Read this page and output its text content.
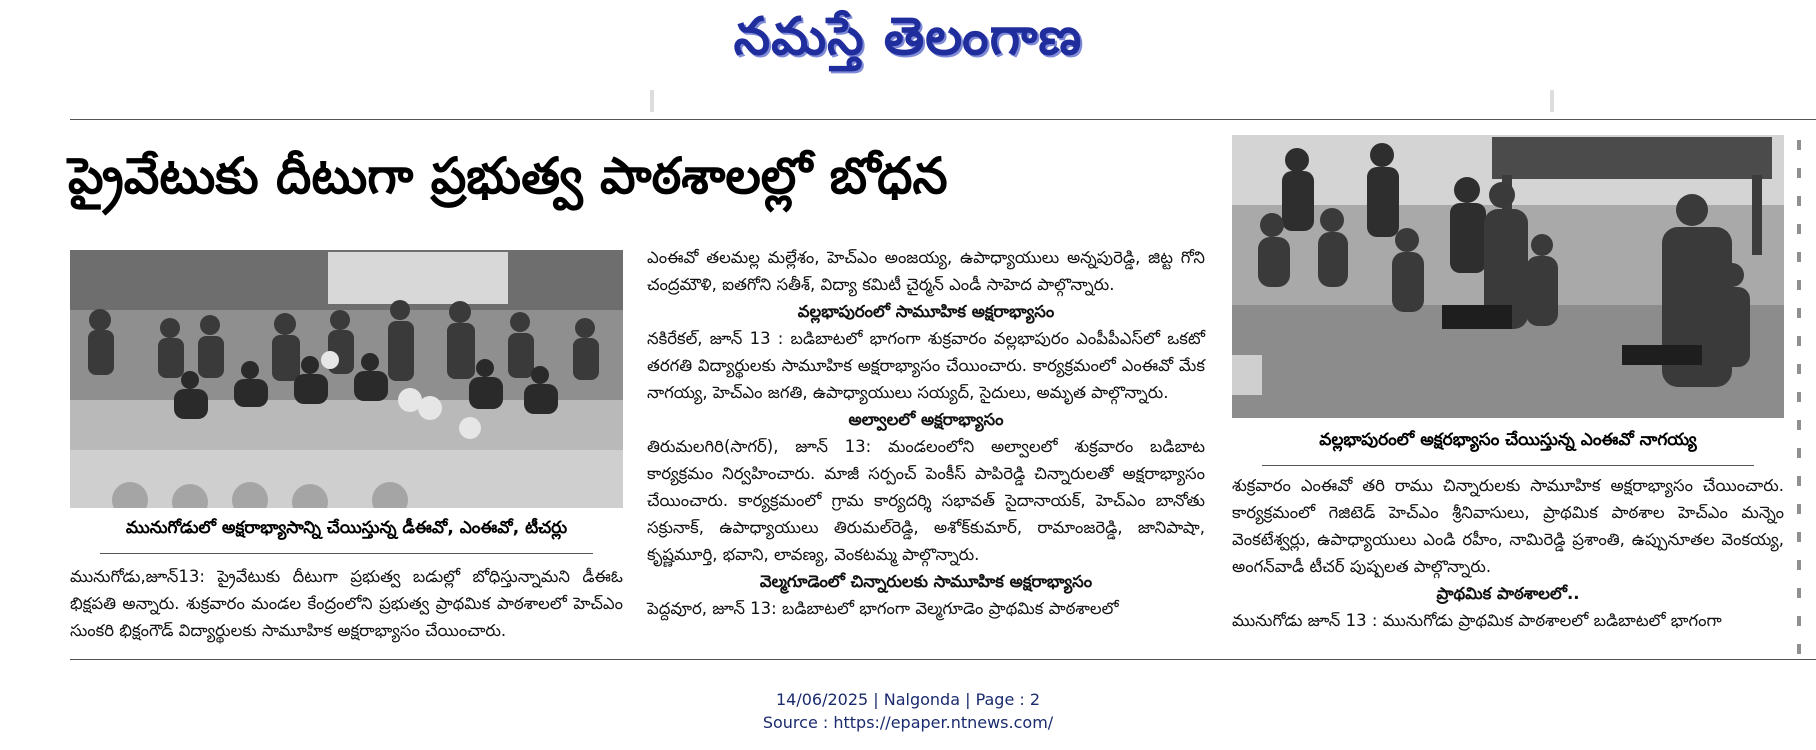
నమస్తే తెలంగాణ
ప్రైవేటుకు దీటుగా ప్రభుత్వ పాఠశాలల్లో బోధన
మునుగోడులో అక్షరాభ్యాసాన్ని చేయిస్తున్న డీఈవో, ఎంఈవో, టీచర్లు
వల్లభాపురంలో అక్షరభ్యాసం చేయిస్తున్న ఎంఈవో నాగయ్య

మునుగోడు,జూన్13: ప్రైవేటుకు దీటుగా ప్రభుత్వ బడుల్లో బోధిస్తున్నామని డీఈఓ భిక్షపతి అన్నారు. శుక్రవారం మండల కేంద్రంలోని ప్రభుత్వ ప్రాథమిక పాఠశాలలో హెచ్‌ఎం సుంకరి భిక్షంగౌడ్ విద్యార్థులకు సామూహిక అక్షరాభ్యాసం చేయించారు.

ఎంఈవో తలమల్ల మల్లేశం, హెచ్‌ఎం అంజయ్య, ఉపాధ్యాయులు అన్నపురెడ్డి, జిట్ట గోని చంద్రమౌళి, ఐతగోని సతీశ్, విద్యా కమిటీ చైర్మన్ ఎండీ సాహెద పాల్గొన్నారు.

వల్లభాపురంలో సామూహిక అక్షరాభ్యాసం

నకిరేకల్, జూన్ 13 : బడిబాటలో భాగంగా శుక్రవారం వల్లభాపురం ఎంపీపీఎస్‌లో ఒకటో తరగతి విద్యార్థులకు సామూహిక అక్షరాభ్యాసం చేయించారు. కార్యక్రమంలో ఎంఈవో మేక నాగయ్య, హెచ్‌ఎం జగతి, ఉపాధ్యాయులు సయ్యద్, సైదులు, అమృత పాల్గొన్నారు.

అల్వాలలో అక్షరాభ్యాసం

తిరుమలగిరి(సాగర్), జూన్ 13: మండలంలోని అల్వాలలో శుక్రవారం బడిబాట కార్యక్రమం నిర్వహించారు. మాజీ సర్పంచ్ పెంకీస్ పాపిరెడ్డి చిన్నారులతో అక్షరాభ్యాసం చేయించారు. కార్యక్రమంలో గ్రామ కార్యదర్శి సభావత్ సైదానాయక్, హెచ్‌ఎం బానోతు సక్రునాక్, ఉపాధ్యాయులు తిరుమల్‌రెడ్డి, అశోక్‌కుమార్, రామాంజరెడ్డి, జానిపాషా, కృష్ణమూర్తి, భవాని, లావణ్య, వెంకటమ్మ పాల్గొన్నారు.

వెల్మగూడెంలో చిన్నారులకు సామూహిక అక్షరాభ్యాసం

పెద్దవూర, జూన్ 13: బడిబాటలో భాగంగా వెల్మగూడెం ప్రాథమిక పాఠశాలలో

శుక్రవారం ఎంఈవో తరి రాము చిన్నారులకు సామూహిక అక్షరాభ్యాసం చేయించారు. కార్యక్రమంలో గెజిటెడ్ హెచ్‌ఎం శ్రీనివాసులు, ప్రాథమిక పాఠశాల హెచ్‌ఎం మన్నెం వెంకటేశ్వర్లు, ఉపాధ్యాయులు ఎండి రహీం, నామిరెడ్డి ప్రశాంతి, ఉప్పునూతల వెంకయ్య, అంగన్‌వాడీ టీచర్ పుష్పలత పాల్గొన్నారు.

ప్రాథమిక పాఠశాలలో..

మునుగోడు జూన్ 13 : మునుగోడు ప్రాథమిక పాఠశాలలో బడిబాటలో భాగంగా

14/06/2025 | Nalgonda | Page : 2
Source : https://epaper.ntnews.com/
